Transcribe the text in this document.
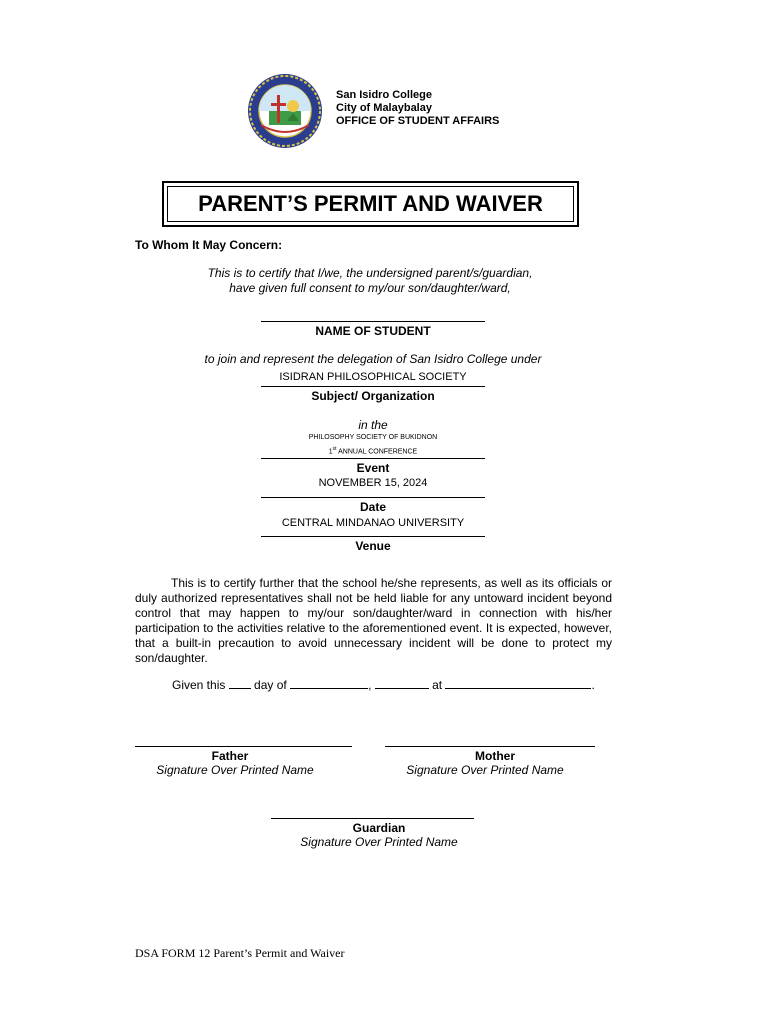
San Isidro College
City of Malaybalay
OFFICE OF STUDENT AFFAIRS
PARENT’S PERMIT AND WAIVER
To Whom It May Concern:
This is to certify that I/we, the undersigned parent/s/guardian,
have given full consent to my/our son/daughter/ward,
NAME OF STUDENT
to join and represent the delegation of San Isidro College under
ISIDRAN PHILOSOPHICAL SOCIETY
Subject/ Organization
in the
PHILOSOPHY SOCIETY OF BUKIDNON
1st ANNUAL CONFERENCE
Event
NOVEMBER 15, 2024
Date
CENTRAL MINDANAO UNIVERSITY
Venue
This is to certify further that the school he/she represents, as well as its officials or duly authorized representatives shall not be held liable for any untoward incident beyond control that may happen to my/our son/daughter/ward in connection with his/her participation to the activities relative to the aforementioned event. It is expected, however, that a built-in precaution to avoid unnecessary incident will be done to protect my son/daughter.
Given this day of	,	at	.
Father
Signature Over Printed Name
Mother
Signature Over Printed Name
Guardian
Signature Over Printed Name
DSA FORM 12 Parent’s Permit and Waiver
